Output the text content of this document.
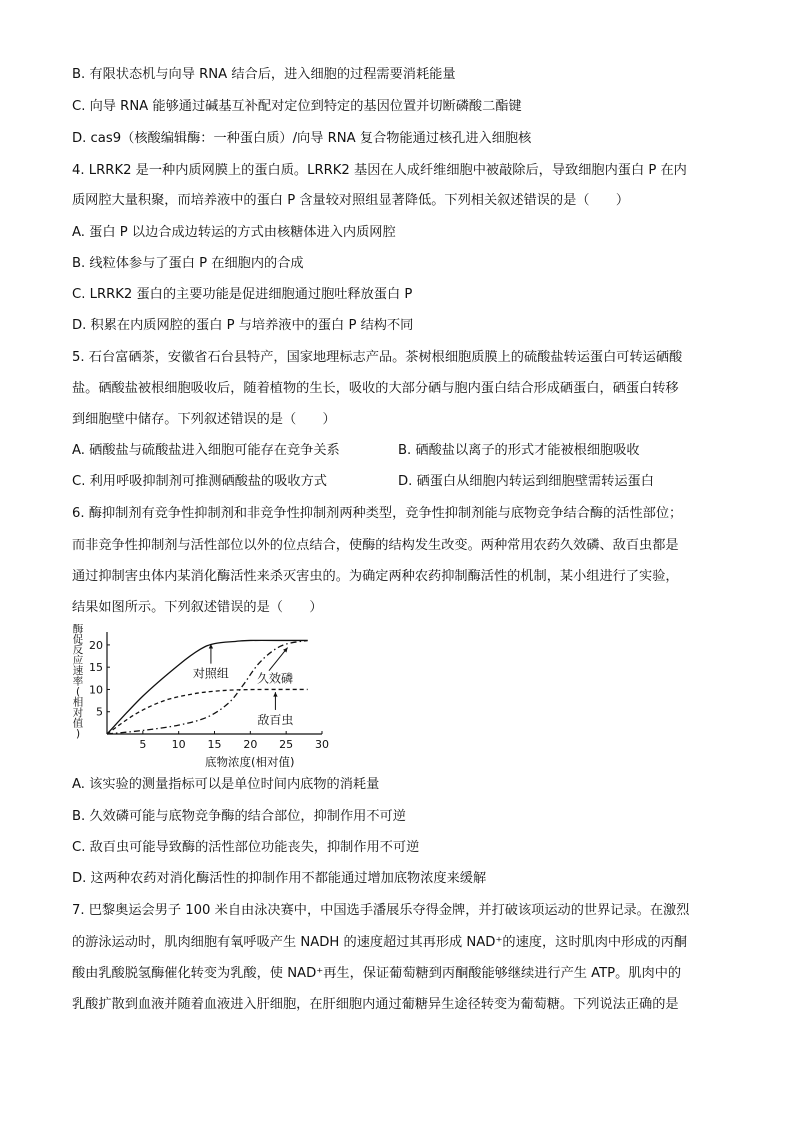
B. 有限状态机与向导 RNA 结合后，进入细胞的过程需要消耗能量
C. 向导 RNA 能够通过碱基互补配对定位到特定的基因位置并切断磷酸二酯键
D. cas9（核酸编辑酶：一种蛋白质）/向导 RNA 复合物能通过核孔进入细胞核
4. LRRK2 是一种内质网膜上的蛋白质。LRRK2 基因在人成纤维细胞中被敲除后，导致细胞内蛋白 P 在内
质网腔大量积聚，而培养液中的蛋白 P 含量较对照组显著降低。下列相关叙述错误的是（　　）
A. 蛋白 P 以边合成边转运的方式由核糖体进入内质网腔
B. 线粒体参与了蛋白 P 在细胞内的合成
C. LRRK2 蛋白的主要功能是促进细胞通过胞吐释放蛋白 P
D. 积累在内质网腔的蛋白 P 与培养液中的蛋白 P 结构不同
5. 石台富硒茶，安徽省石台县特产，国家地理标志产品。茶树根细胞质膜上的硫酸盐转运蛋白可转运硒酸
盐。硒酸盐被根细胞吸收后，随着植物的生长，吸收的大部分硒与胞内蛋白结合形成硒蛋白，硒蛋白转移
到细胞壁中储存。下列叙述错误的是（　　）
A. 硒酸盐与硫酸盐进入细胞可能存在竞争关系	B. 硒酸盐以离子的形式才能被根细胞吸收
C. 利用呼吸抑制剂可推测硒酸盐的吸收方式	D. 硒蛋白从细胞内转运到细胞壁需转运蛋白
6. 酶抑制剂有竞争性抑制剂和非竞争性抑制剂两种类型，竞争性抑制剂能与底物竞争结合酶的活性部位；
而非竞争性抑制剂与活性部位以外的位点结合，使酶的结构发生改变。两种常用农药久效磷、敌百虫都是
通过抑制害虫体内某消化酶活性来杀灭害虫的。为确定两种农药抑制酶活性的机制，某小组进行了实验，
结果如图所示。下列叙述错误的是（　　）
酶
促
反
应
速
率
(
相
对
值
)
5 10 15 20 25 30
5
10
15
20
对照组 久效磷
敌百虫
底物浓度(相对值)
A. 该实验的测量指标可以是单位时间内底物的消耗量
B. 久效磷可能与底物竞争酶的结合部位，抑制作用不可逆
C. 敌百虫可能导致酶的活性部位功能丧失，抑制作用不可逆
D. 这两种农药对消化酶活性的抑制作用不都能通过增加底物浓度来缓解
7. 巴黎奥运会男子 100 米自由泳决赛中，中国选手潘展乐夺得金牌，并打破该项运动的世界记录。在激烈
的游泳运动时，肌肉细胞有氧呼吸产生 NADH 的速度超过其再形成 NAD⁺的速度，这时肌肉中形成的丙酮
酸由乳酸脱氢酶催化转变为乳酸，使 NAD⁺再生，保证葡萄糖到丙酮酸能够继续进行产生 ATP。肌肉中的
乳酸扩散到血液并随着血液进入肝细胞，在肝细胞内通过葡糖异生途径转变为葡萄糖。下列说法正确的是
